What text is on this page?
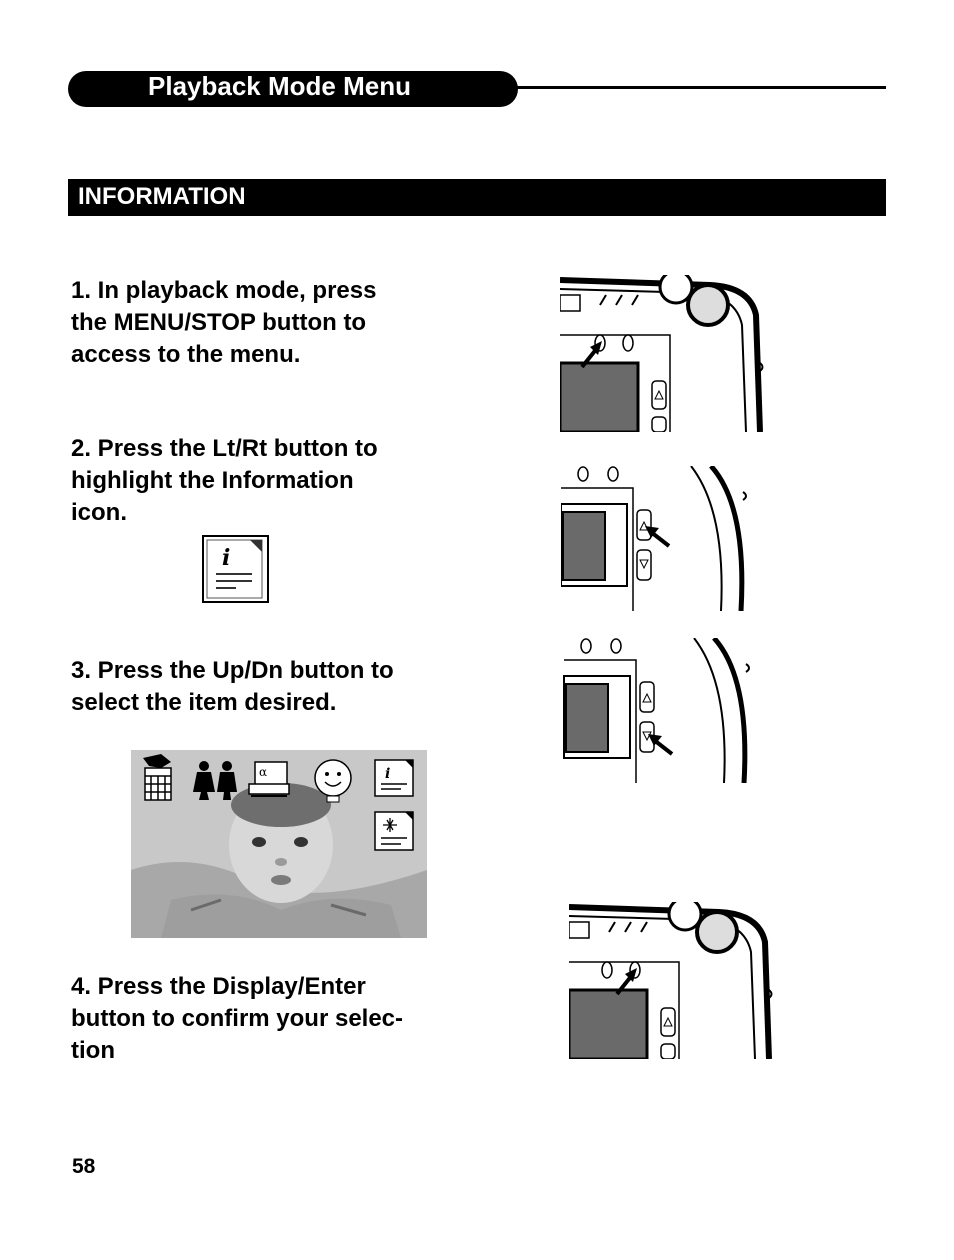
Playback Mode Menu
INFORMATION
1. In playback mode, press
the MENU/STOP button to
access to the menu.
2. Press the Lt/Rt button to
highlight the Information
icon.
i
3. Press the Up/Dn button to
select the item desired.
α	i
4. Press the Display/Enter
button to confirm your selec-
tion
58
